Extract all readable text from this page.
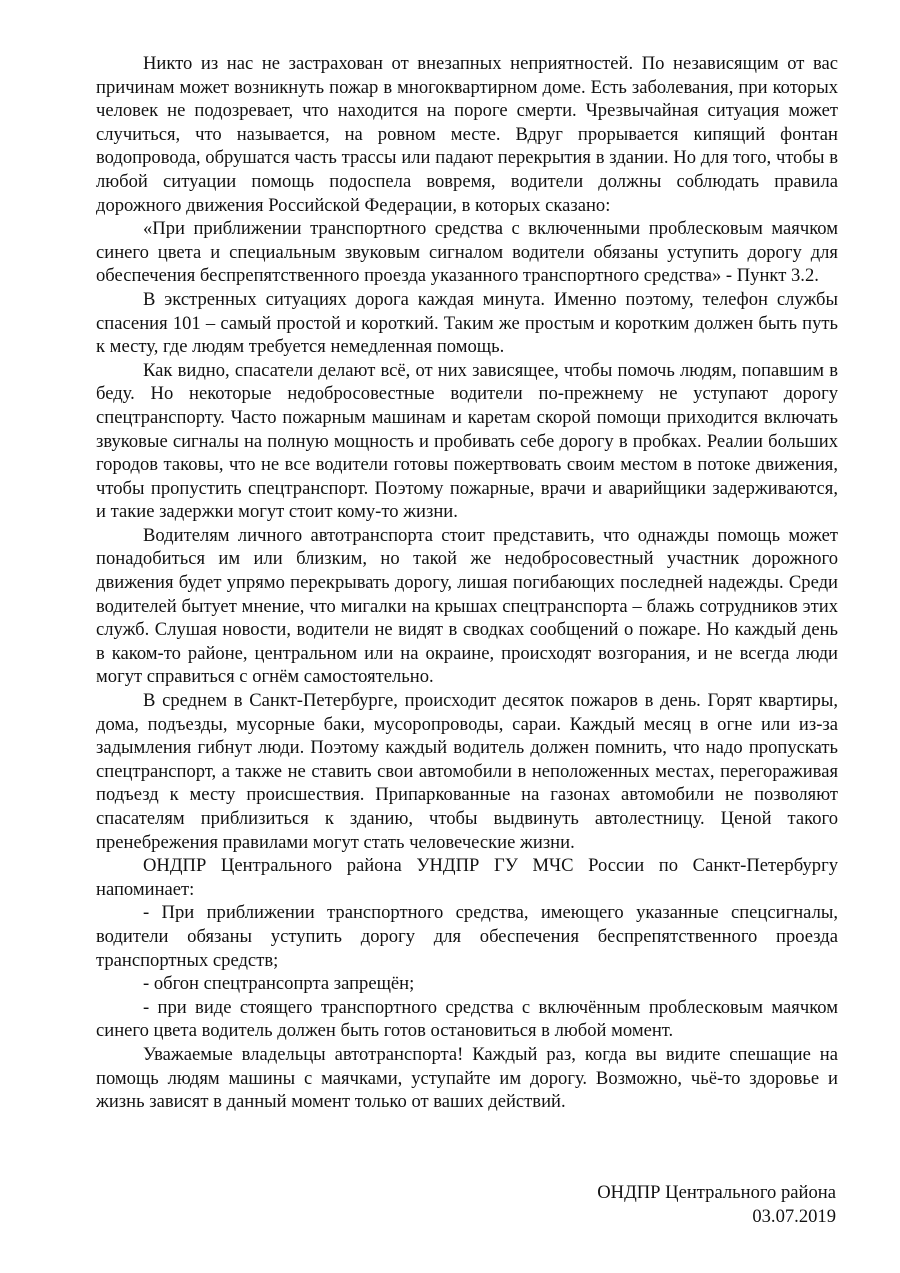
Никто из нас не застрахован от внезапных неприятностей. По независящим от вас причинам может возникнуть пожар в многоквартирном доме. Есть заболевания, при которых человек не подозревает, что находится на пороге смерти. Чрезвычайная ситуация может случиться, что называется, на ровном месте. Вдруг прорывается кипящий фонтан водопровода, обрушатся часть трассы или падают перекрытия в здании. Но для того, чтобы в любой ситуации помощь подоспела вовремя, водители должны соблюдать правила дорожного движения Российской Федерации, в которых сказано:

«При приближении транспортного средства с включенными проблесковым маячком синего цвета и специальным звуковым сигналом водители обязаны уступить дорогу для обеспечения беспрепятственного проезда указанного транспортного средства» - Пункт 3.2.

В экстренных ситуациях дорога каждая минута. Именно поэтому, телефон службы спасения 101 – самый простой и короткий. Таким же простым и коротким должен быть путь к месту, где людям требуется немедленная помощь.

Как видно, спасатели делают всё, от них зависящее, чтобы помочь людям, попавшим в беду. Но некоторые недобросовестные водители по-прежнему не уступают дорогу спецтранспорту. Часто пожарным машинам и каретам скорой помощи приходится включать звуковые сигналы на полную мощность и пробивать себе дорогу в пробках. Реалии больших городов таковы, что не все водители готовы пожертвовать своим местом в потоке движения, чтобы пропустить спецтранспорт. Поэтому пожарные, врачи и аварийщики задерживаются, и такие задержки могут стоит кому-то жизни.

Водителям личного автотранспорта стоит представить, что однажды помощь может понадобиться им или близким, но такой же недобросовестный участник дорожного движения будет упрямо перекрывать дорогу, лишая погибающих последней надежды. Среди водителей бытует мнение, что мигалки на крышах спецтранспорта – блажь сотрудников этих служб. Слушая новости, водители не видят в сводках сообщений о пожаре. Но каждый день в каком-то районе, центральном или на окраине, происходят возгорания, и не всегда люди могут справиться с огнём самостоятельно.

В среднем в Санкт-Петербурге, происходит десяток пожаров в день. Горят квартиры, дома, подъезды, мусорные баки, мусоропроводы, сараи. Каждый месяц в огне или из-за задымления гибнут люди. Поэтому каждый водитель должен помнить, что надо пропускать спецтранспорт, а также не ставить свои автомобили в неположенных местах, перегораживая подъезд к месту происшествия. Припаркованные на газонах автомобили не позволяют спасателям приблизиться к зданию, чтобы выдвинуть автолестницу. Ценой такого пренебрежения правилами могут стать человеческие жизни.

ОНДПР Центрального района УНДПР ГУ МЧС России по Санкт-Петербургу напоминает:

- При приближении транспортного средства, имеющего указанные спецсигналы, водители обязаны уступить дорогу для обеспечения беспрепятственного проезда транспортных средств;

- обгон спецтрансопрта запрещён;

- при виде стоящего транспортного средства с включённым проблесковым маячком синего цвета водитель должен быть готов остановиться в любой момент.

Уважаемые владельцы автотранспорта! Каждый раз, когда вы видите спешащие на помощь людям машины с маячками, уступайте им дорогу. Возможно, чьё-то здоровье и жизнь зависят в данный момент только от ваших действий.

ОНДПР Центрального района
03.07.2019
